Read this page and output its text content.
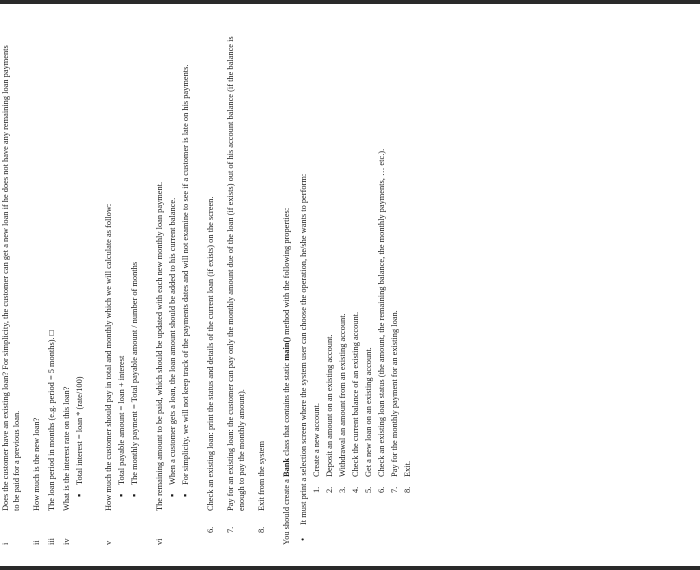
i
Does the customer have an existing loan? For simplicity, the customer can get a new loan if he does not have any remaining loan payments to be paid for a previous loan.
ii
How much is the new loan?
iii
The loan period in months (e.g. period = 5 months). □
iv
What is the interest rate on this loan? ▪ Total interest = loan * (rate/100)
v
How much the customer should pay in total and monthly which we will calculate as follow: ▪ Total payable amount = loan + interest ▪ The monthly payment = Total payable amount / number of months
vi
The remaining amount to be paid, which should be updated with each new monthly loan payment. ▪ When a customer gets a loan, the loan amount should be added to his current balance. ▪ For simplicity, we will not keep track of the payments dates and will not examine to see if a customer is late on his payments.
6.
Check an existing loan: print the status and details of the current loan (if exists) on the screen.
7.
Pay for an existing loan: the customer can pay only the monthly amount due of the loan (if exists) out of his account balance (if the balance is enough to pay the monthly amount).
8.
Exit from the system You should create a Bank class that contains the static main() method with the following properties:
•
It must print a selection screen where the system user can choose the operation, he/she wants to perform: 1.
Create a new account.
2.
Deposit an amount on an existing account.
3.
Withdrawal an amount from an existing account.
4.
Check the current balance of an existing account.
5.
Get a new loan on an existing account.
6.
Check an existing loan status (the amount, the remaining balance, the monthly payments, … etc.).
7.
Pay for the monthly payment for an existing loan.
8.
Exit.
